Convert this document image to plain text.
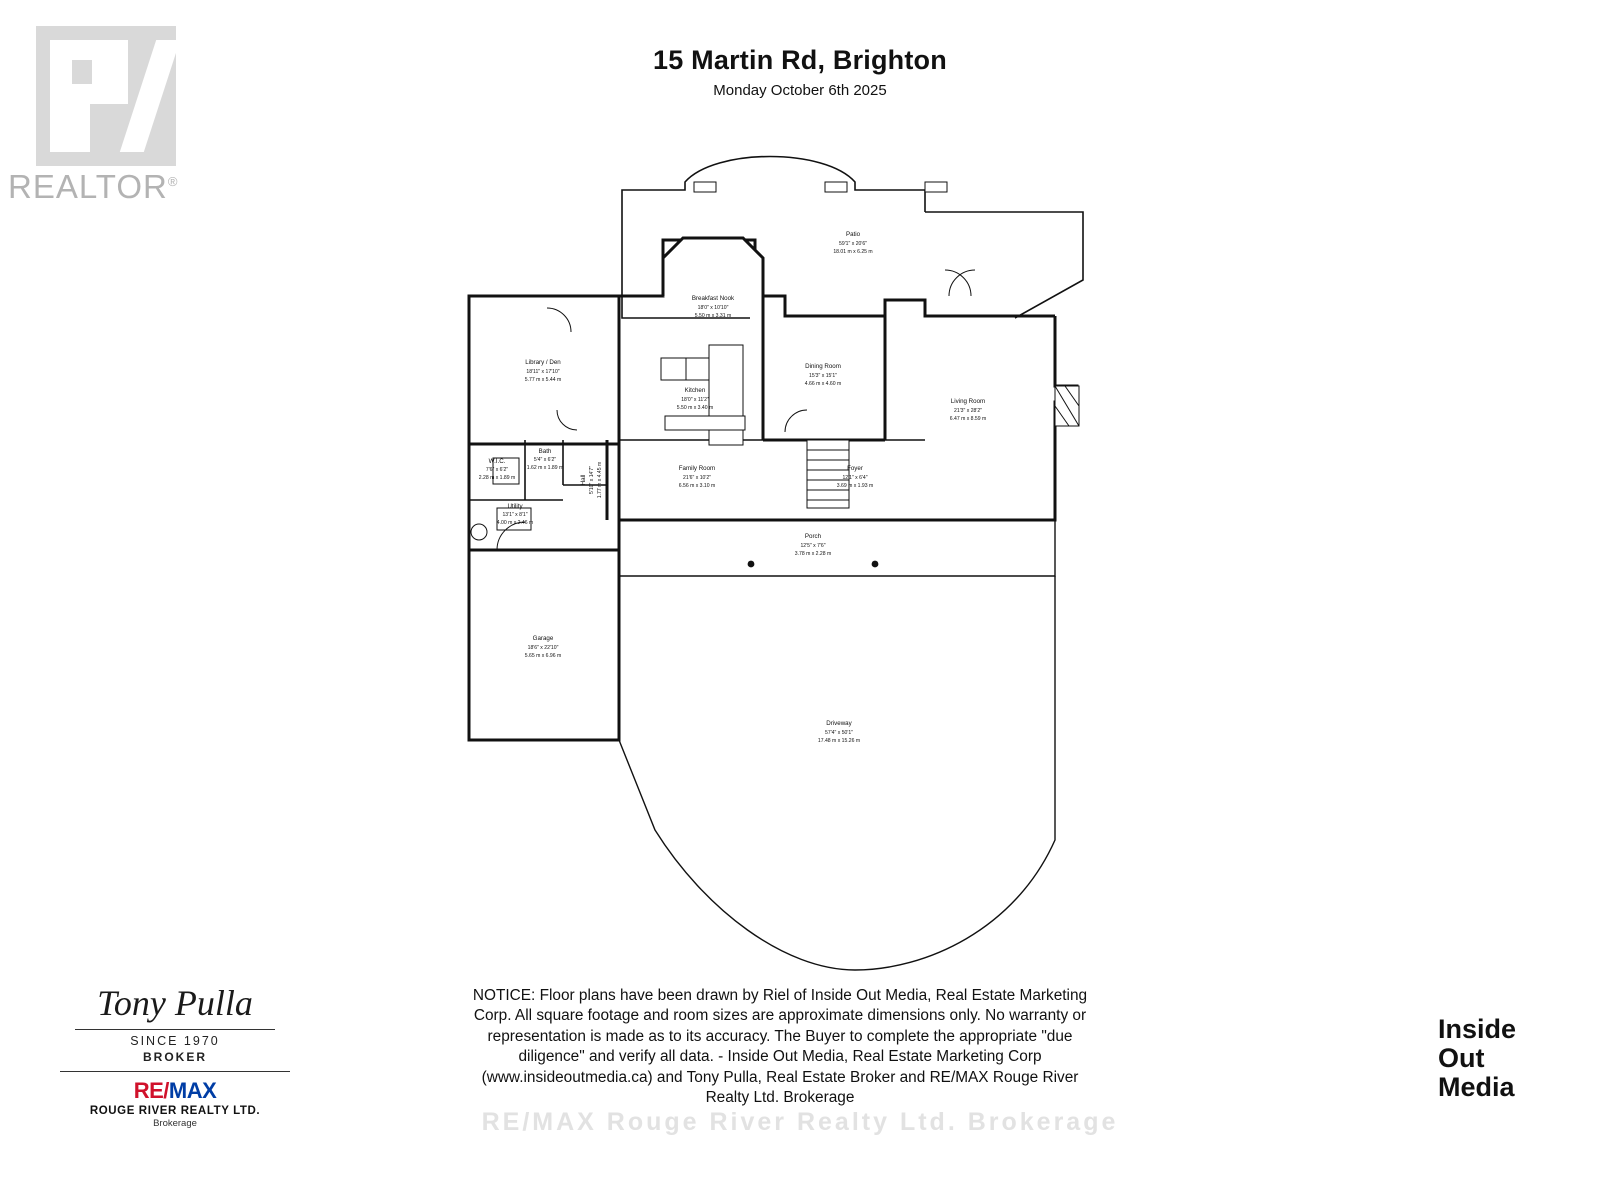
15 Martin Rd, Brighton
Monday October 6th 2025
REALTOR®
Patio
59'1" x 20'6"
18.01 m x 6.25 m
Breakfast Nook
18'0" x 10'10"
5.50 m x 3.31 m
Library / Den
18'11" x 17'10"
5.77 m x 5.44 m
Kitchen
18'0" x 11'2"
5.50 m x 3.40 m
Dining Room
15'3" x 15'1"
4.66 m x 4.60 m
Living Room
21'3" x 28'2"
6.47 m x 8.59 m
W.I.C.
7'6" x 6'2"
2.28 m x 1.89 m
Bath
5'4" x 6'2"
1.62 m x 1.89 m
Hall 5'10" x 14'7" 1.77 m x 4.45 m	Family Room
21'6" x 10'2"
6.56 m x 3.10 m
Foyer
12'1" x 6'4"
3.69 m x 1.93 m
Utility
13'1" x 8'1"
4.00 m x 2.46 m
Porch
12'5" x 7'6"
3.78 m x 2.28 m
Garage
18'6" x 22'10"
5.65 m x 6.96 m
Driveway
57'4" x 50'1"
17.48 m x 15.26 m
NOTICE: Floor plans have been drawn by Riel of Inside Out Media, Real Estate Marketing Corp. All square footage and room sizes are approximate dimensions only. No warranty or representation is made as to its accuracy. The Buyer to complete the appropriate "due diligence" and verify all data. - Inside Out Media, Real Estate Marketing Corp (www.insideoutmedia.ca) and Tony Pulla, Real Estate Broker and RE/MAX Rouge River Realty Ltd. Brokerage
Tony Pulla
SINCE 1970
BROKER
RE/MAX
ROUGE RIVER REALTY LTD.
Brokerage
Inside
Out
Media
RE/MAX Rouge River Realty Ltd. Brokerage
